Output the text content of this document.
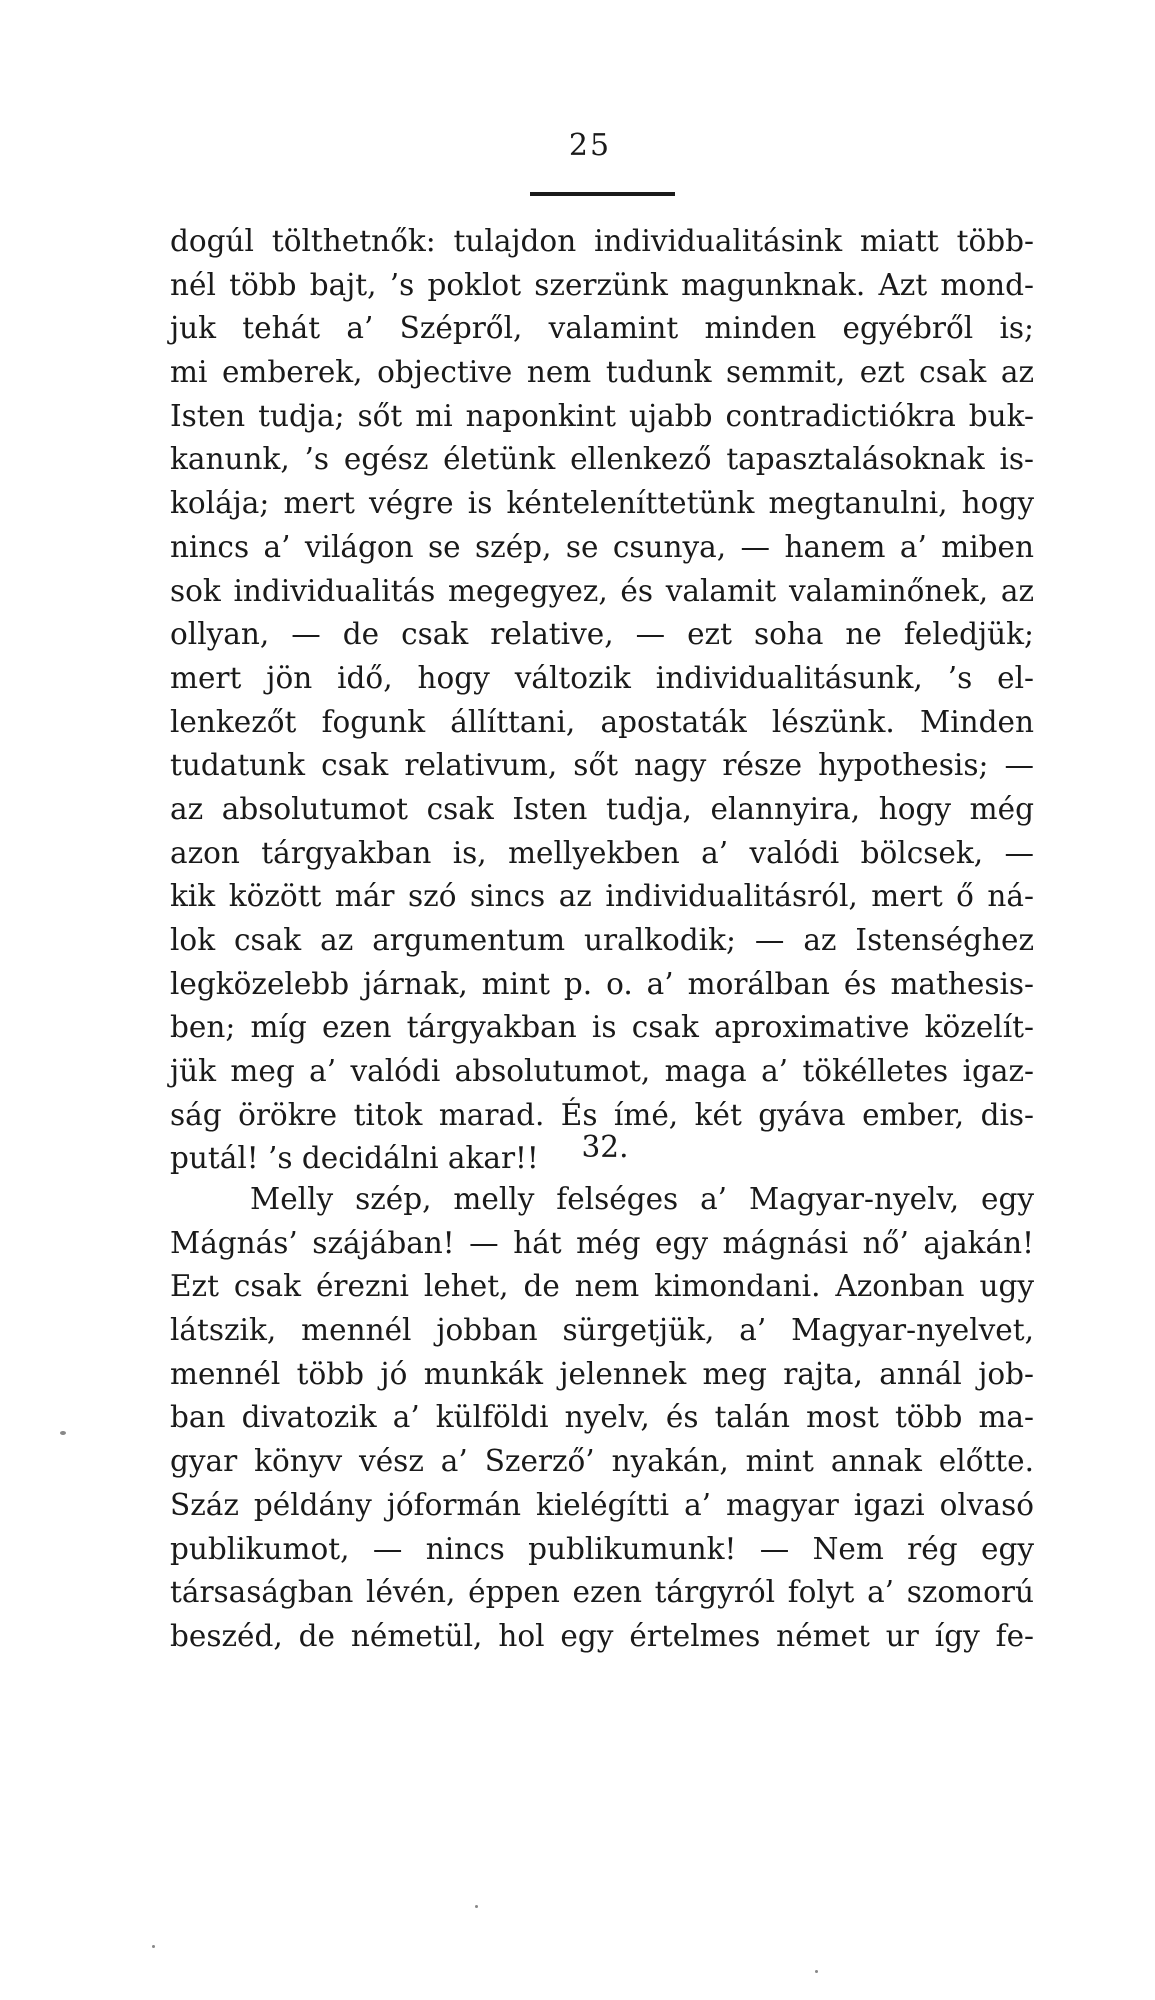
25
dogúl tölthetnők: tulajdon individualitásink miatt több-
nél több bajt, ’s poklot szerzünk magunknak. Azt mond-
juk tehát a’ Szépről, valamint minden egyébről is;
mi emberek, objective nem tudunk semmit, ezt csak az
Isten tudja; sőt mi naponkint ujabb contradictiókra buk-
kanunk, ’s egész életünk ellenkező tapasztalásoknak is-
kolája; mert végre is kénteleníttetünk megtanulni, hogy
nincs a’ világon se szép, se csunya, — hanem a’ miben
sok individualitás megegyez, és valamit valaminőnek, az
ollyan, — de csak relative, — ezt soha ne feledjük;
mert jön idő, hogy változik individualitásunk, ’s el-
lenkezőt fogunk állíttani, apostaták lészünk. Minden
tudatunk csak relativum, sőt nagy része hypothesis; —
az absolutumot csak Isten tudja, elannyira, hogy még
azon tárgyakban is, mellyekben a’ valódi bölcsek, —
kik között már szó sincs az individualitásról, mert ő ná-
lok csak az argumentum uralkodik; — az Istenséghez
legközelebb járnak, mint p. o. a’ morálban és mathesis-
ben; míg ezen tárgyakban is csak aproximative közelít-
jük meg a’ valódi absolutumot, maga a’ tökélletes igaz-
ság örökre titok marad. És ímé, két gyáva ember, dis-
putál! ’s decidálni akar!!	32.
Melly szép, melly felséges a’ Magyar-nyelv, egy
Mágnás’ szájában! — hát még egy mágnási nő’ ajakán!
Ezt csak érezni lehet, de nem kimondani. Azonban ugy
látszik, mennél jobban sürgetjük, a’ Magyar-nyelvet,
mennél több jó munkák jelennek meg rajta, annál job-
ban divatozik a’ külföldi nyelv, és talán most több ma-
gyar könyv vész a’ Szerző’ nyakán, mint annak előtte.
Száz példány jóformán kielégítti a’ magyar igazi olvasó
publikumot, — nincs publikumunk! — Nem rég egy
társaságban lévén, éppen ezen tárgyról folyt a’ szomorú
beszéd, de németül, hol egy értelmes német ur így fe-
